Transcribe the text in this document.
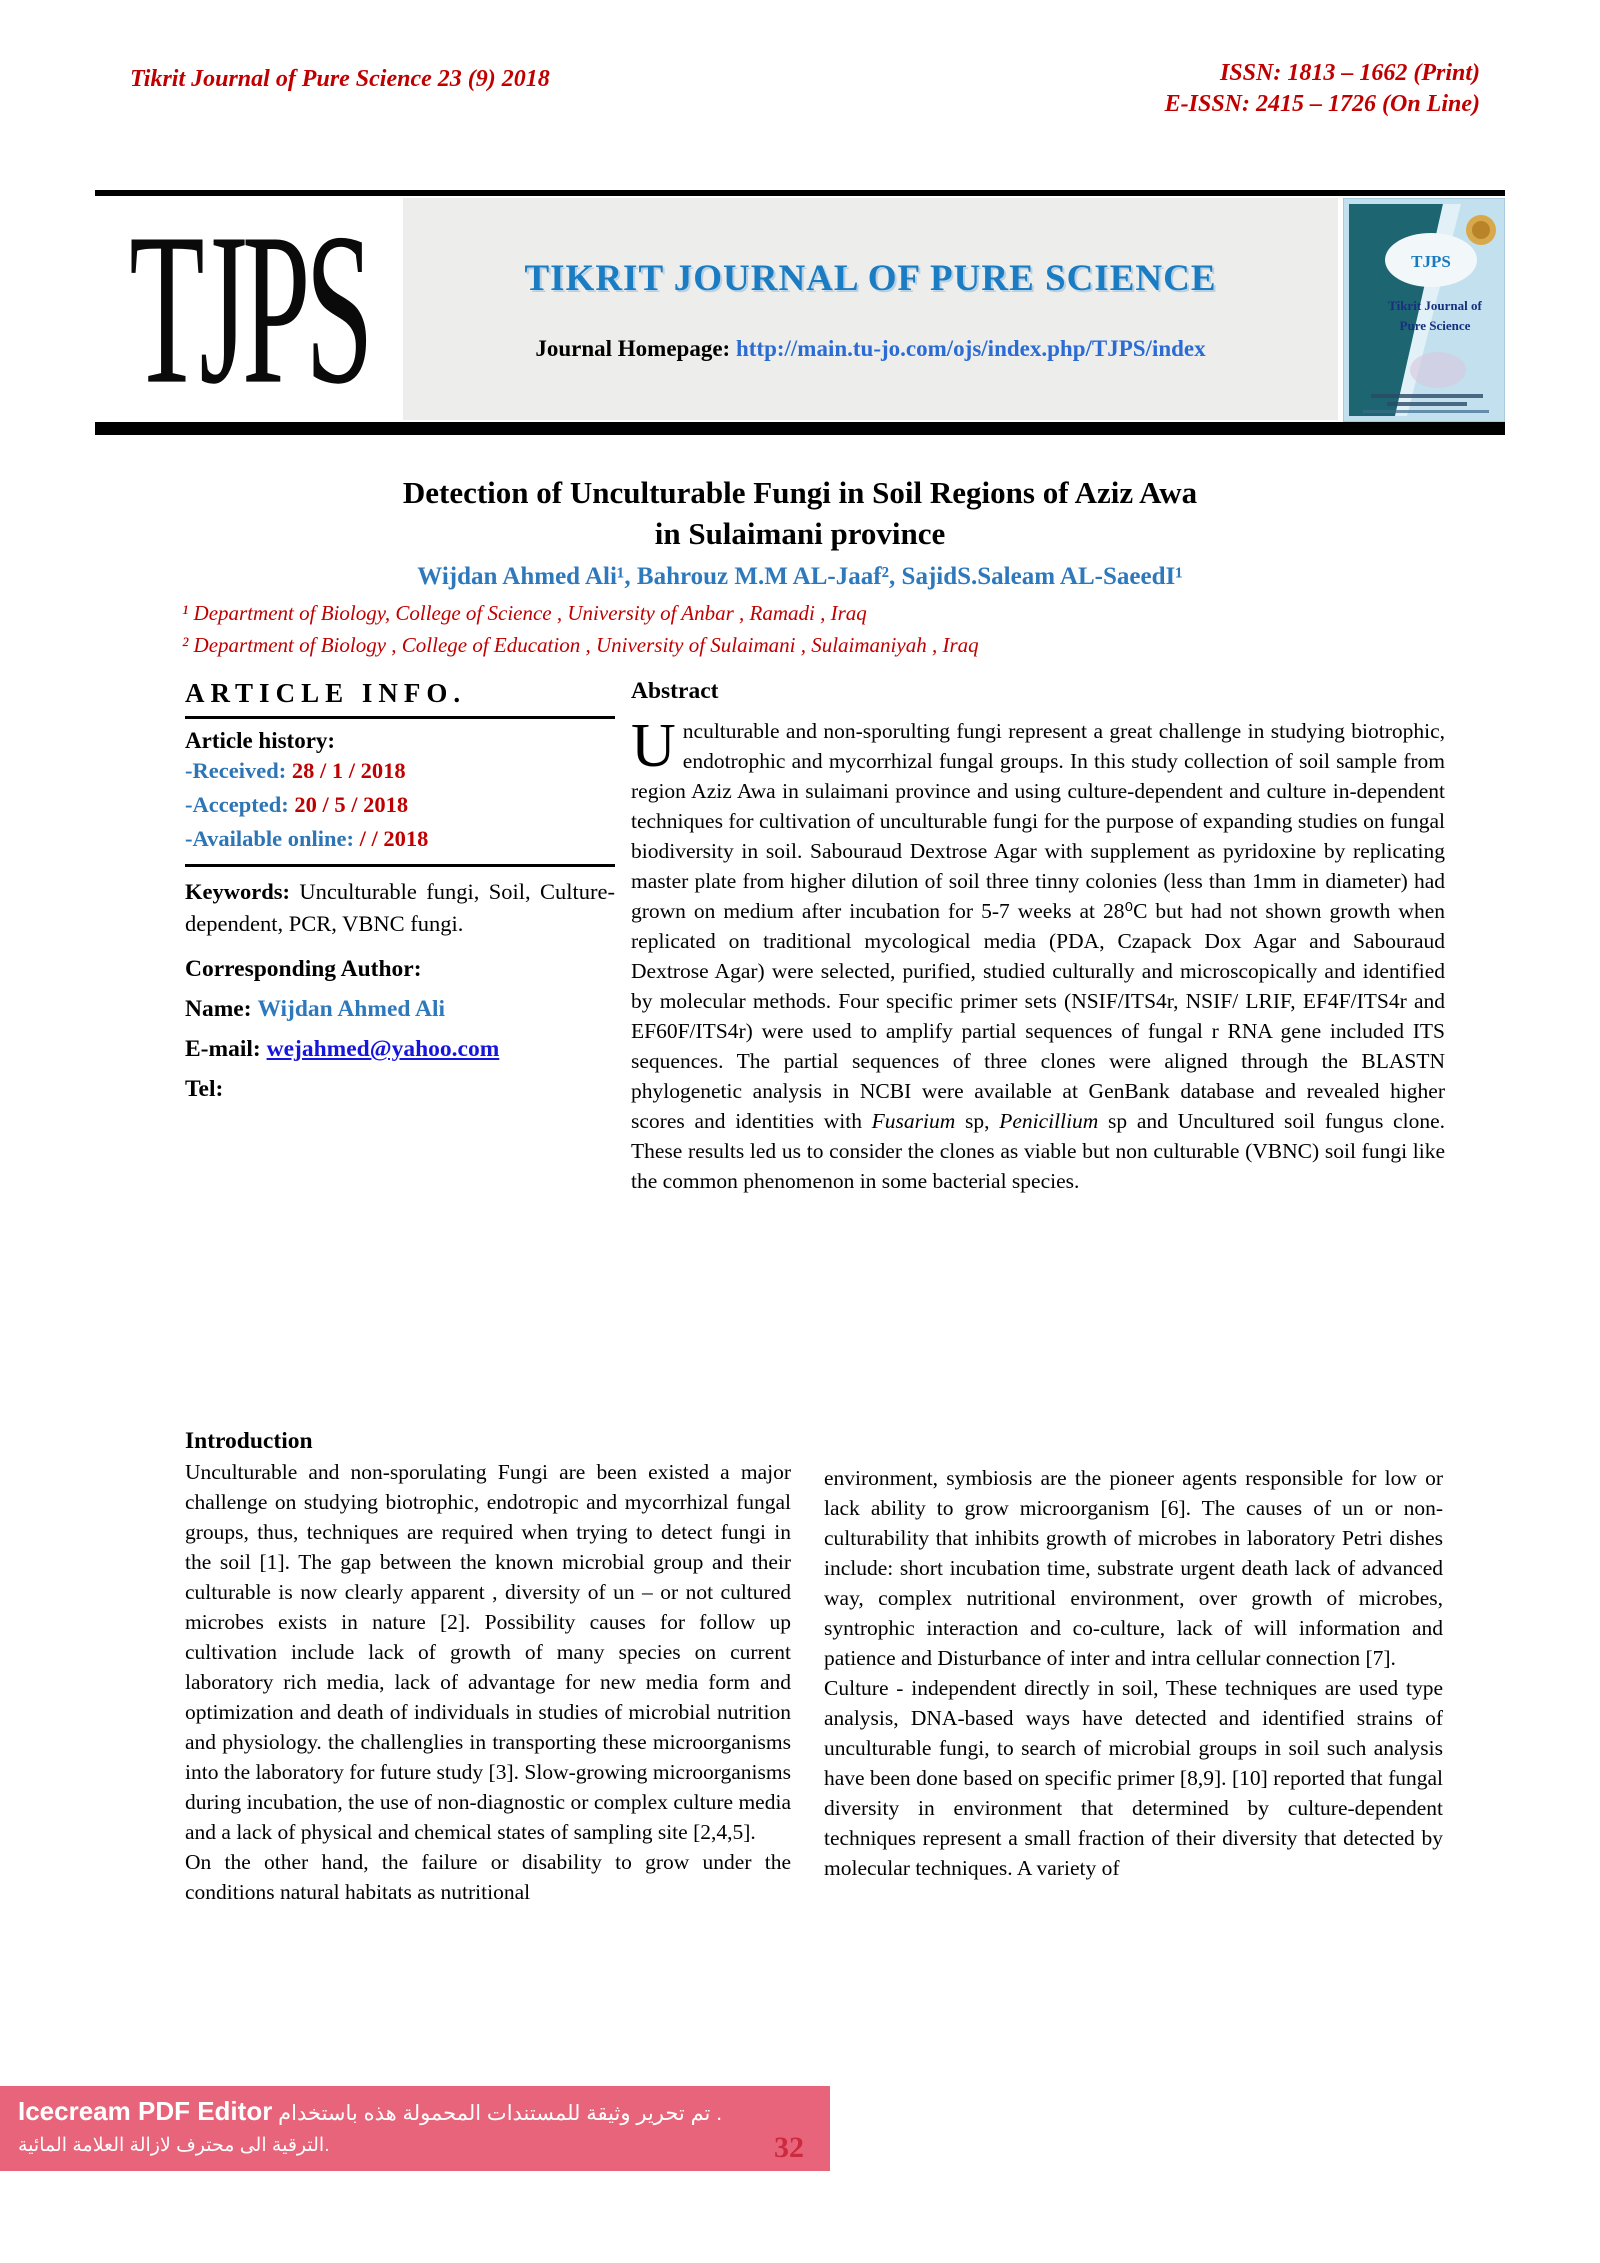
Tikrit Journal of Pure Science 23 (9) 2018	ISSN: 1813 – 1662 (Print)
E-ISSN: 2415 – 1726 (On Line)
TJPS	TIKRIT JOURNAL OF PURE SCIENCE
Journal Homepage: http://main.tu-jo.com/ojs/index.php/TJPS/index
TJPS
Tikrit Journal of
Pure Science
Detection of Unculturable Fungi in Soil Regions of Aziz Awa
in Sulaimani province
Wijdan Ahmed Ali¹, Bahrouz M.M AL-Jaaf², SajidS.Saleam AL-SaeedI¹
¹ Department of Biology, College of Science , University of Anbar , Ramadi , Iraq
² Department of Biology , College of Education , University of Sulaimani , Sulaimaniyah , Iraq
ARTICLE INFO.
Article history:
-Received: 28 / 1 / 2018
-Accepted: 20 / 5 / 2018
-Available online: / / 2018
Keywords: Unculturable fungi, Soil, Culture-dependent, PCR, VBNC fungi.
Corresponding Author:
Name: Wijdan Ahmed Ali
E-mail: wejahmed@yahoo.com
Tel:
Abstract
Unculturable and non-sporulting fungi represent a great challenge in studying biotrophic, endotrophic and mycorrhizal fungal groups. In this study collection of soil sample from region Aziz Awa in sulaimani province and using culture-dependent and culture in-dependent techniques for cultivation of unculturable fungi for the purpose of expanding studies on fungal biodiversity in soil. Sabouraud Dextrose Agar with supplement as pyridoxine by replicating master plate from higher dilution of soil three tinny colonies (less than 1mm in diameter) had grown on medium after incubation for 5-7 weeks at 28⁰C but had not shown growth when replicated on traditional mycological media (PDA, Czapack Dox Agar and Sabouraud Dextrose Agar) were selected, purified, studied culturally and microscopically and identified by molecular methods. Four specific primer sets (NSIF/ITS4r, NSIF/ LRIF, EF4F/ITS4r and EF60F/ITS4r) were used to amplify partial sequences of fungal r RNA gene included ITS sequences. The partial sequences of three clones were aligned through the BLASTN phylogenetic analysis in NCBI were available at GenBank database and revealed higher scores and identities with Fusarium sp, Penicillium sp and Uncultured soil fungus clone. These results led us to consider the clones as viable but non culturable (VBNC) soil fungi like the common phenomenon in some bacterial species.
Introduction

Unculturable and non-sporulating Fungi are been existed a major challenge on studying biotrophic, endotropic and mycorrhizal fungal groups, thus, techniques are required when trying to detect fungi in the soil [1]. The gap between the known microbial group and their culturable is now clearly apparent , diversity of un – or not cultured microbes exists in nature [2]. Possibility causes for follow up cultivation include lack of growth of many species on current laboratory rich media, lack of advantage for new media form and optimization and death of individuals in studies of microbial nutrition and physiology. the challenglies in transporting these microorganisms into the laboratory for future study [3]. Slow-growing microorganisms during incubation, the use of non-diagnostic or complex culture media and a lack of physical and chemical states of sampling site [2,4,5].

On the other hand, the failure or disability to grow under the conditions natural habitats as nutritional

environment, symbiosis are the pioneer agents responsible for low or lack ability to grow microorganism [6]. The causes of un or non-culturability that inhibits growth of microbes in laboratory Petri dishes include: short incubation time, substrate urgent death lack of advanced way, complex nutritional environment, over growth of microbes, syntrophic interaction and co-culture, lack of will information and patience and Disturbance of inter and intra cellular connection [7].

Culture - independent directly in soil, These techniques are used type analysis, DNA-based ways have detected and identified strains of unculturable fungi, to search of microbial groups in soil such analysis have been done based on specific primer [8,9]. [10] reported that fungal diversity in environment that determined by culture-dependent techniques represent a small fraction of their diversity that detected by molecular techniques. A variety of

Icecream PDF Editor تم تحرير وثيقة للمستندات المحمولة هذه باستخدام .
الترقية الى محترف لازالة العلامة المائية.	32
